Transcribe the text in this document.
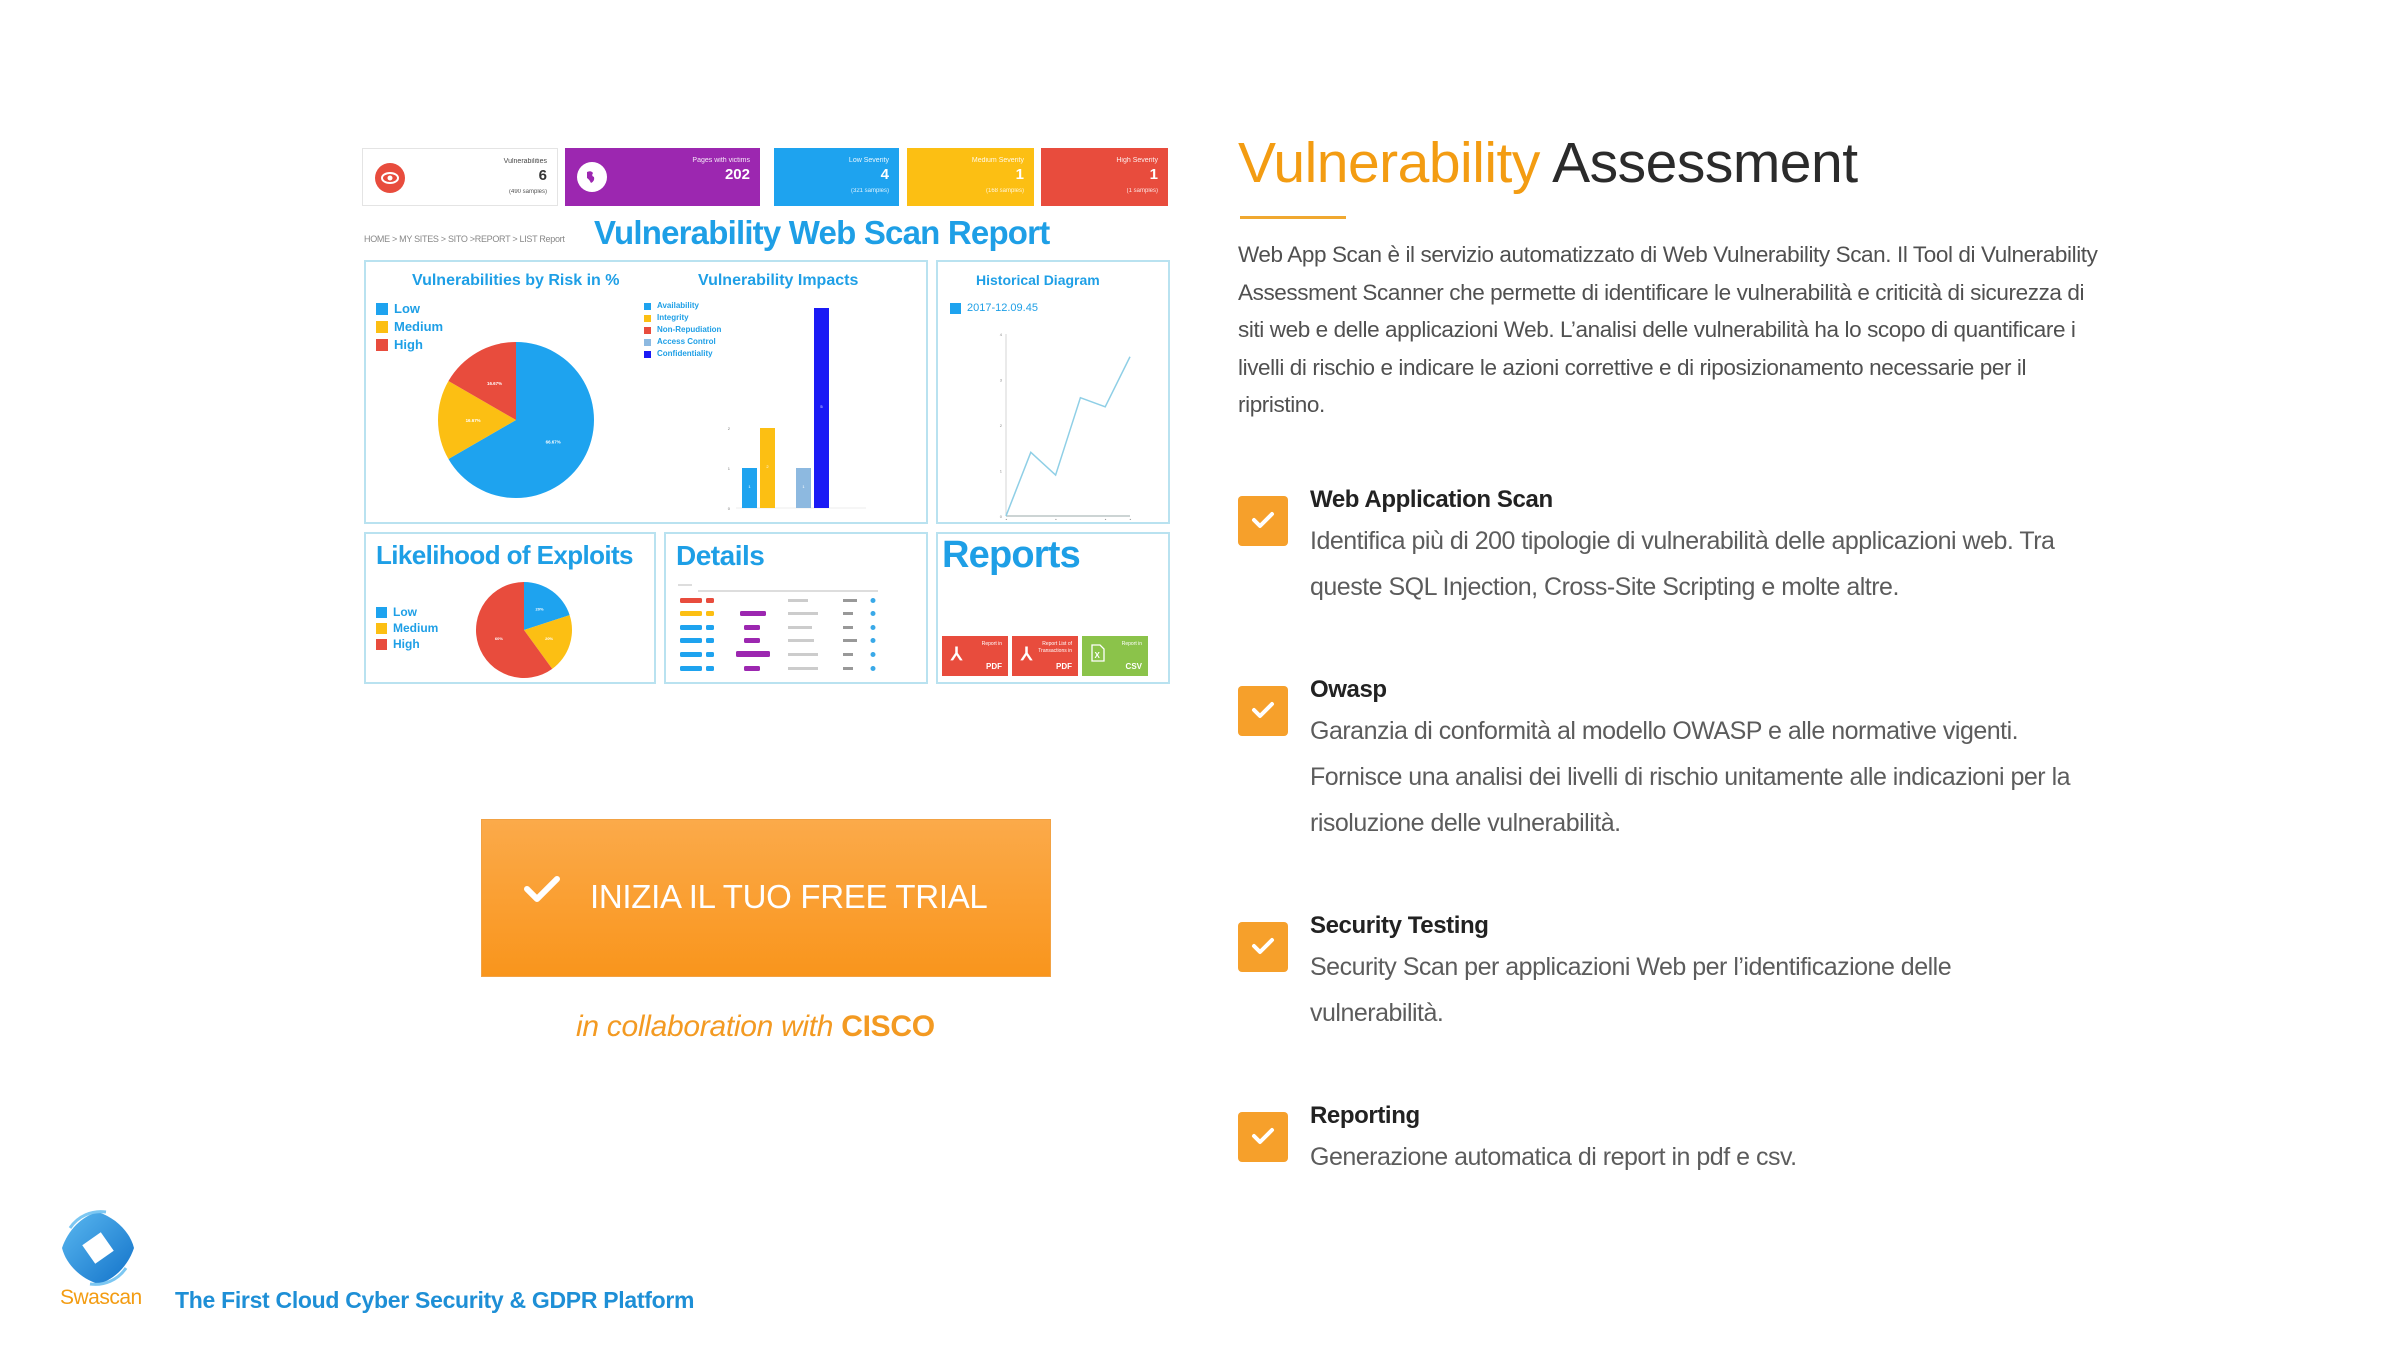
Vulnerabilities
6
(490 samples)
Pages with victims
202
Low Severity
4
(321 samples)
Medium Severity
1
(168 samples)
High Severity
1
(1 samples)
HOME > MY SITES > SITO >REPORT > LIST Report Vulnerability Web Scan Report
Vulnerabilities by Risk in %
Low
Medium
High
66.67%
16.67%
16.67%
Vulnerability Impacts
Availability
Integrity
Non-Repudiation
Access Control
Confidentiality
0
1
2
1
2
1
5
Historical Diagram
2017-12.09.45
0
1
2
3
4
Likelihood of Exploits
Low
Medium
High
20%
20%
60%
Details	Reports
⅄	Report in
PDF
⅄	Report List of Transactions in
PDF
X
Report in
CSV
INIZIA IL TUO FREE TRIAL
in collaboration with CISCO
Vulnerability Assessment

Web App Scan è il servizio automatizzato di Web Vulnerability Scan. Il Tool di Vulnerability Assessment Scanner che permette di identificare le vulnerabilità e criticità di sicurezza di siti web e delle applicazioni Web. L’analisi delle vulnerabilità ha lo scopo di quantificare i livelli di rischio e indicare le azioni correttive e di riposizionamento necessarie per il ripristino.

Web Application Scan

Identifica più di 200 tipologie di vulnerabilità delle applicazioni web. Tra queste SQL Injection, Cross-Site Scripting e molte altre.

Owasp

Garanzia di conformità al modello OWASP e alle normative vigenti. Fornisce una analisi dei livelli di rischio unitamente alle indicazioni per la risoluzione delle vulnerabilità.

Security Testing

Security Scan per applicazioni Web per l’identificazione delle vulnerabilità.

Reporting

Generazione automatica di report in pdf e csv.

Swascan The First Cloud Cyber Security & GDPR Platform
